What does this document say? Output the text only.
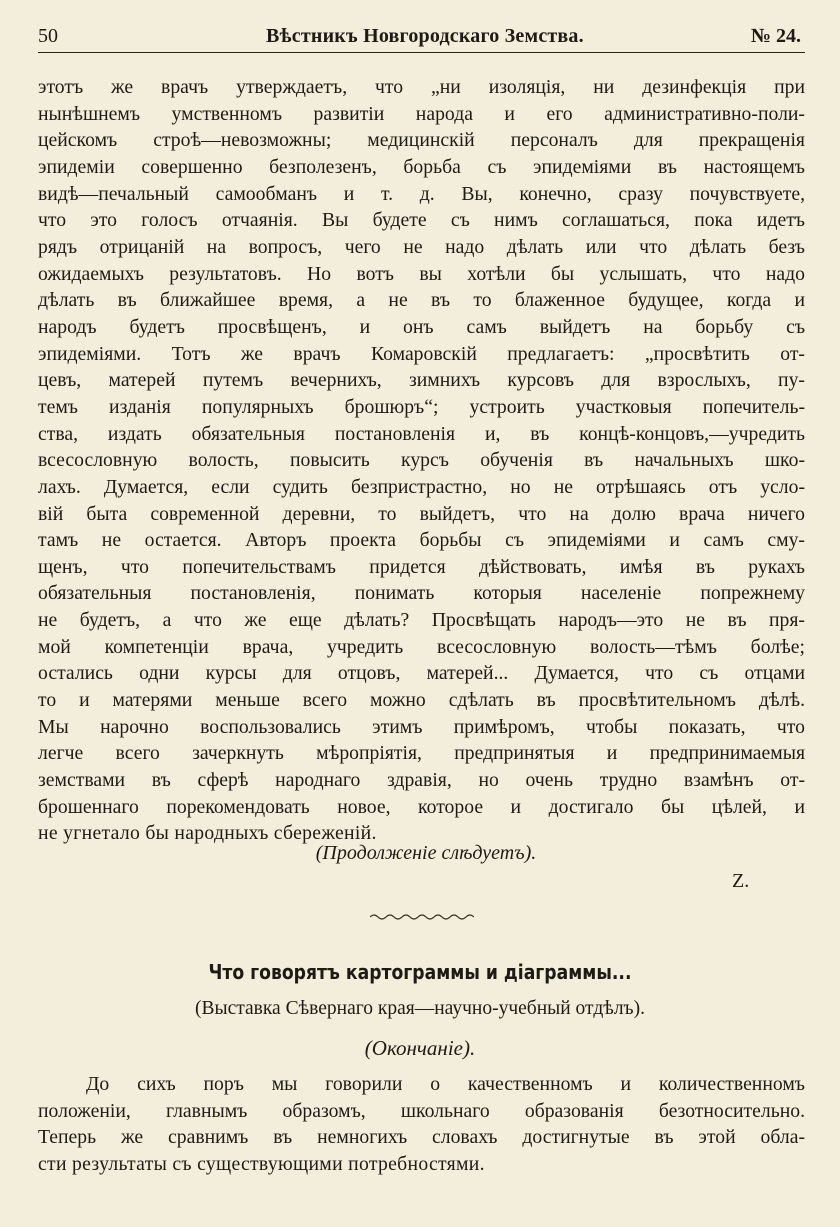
50	Вѣстникъ Новгородскаго Земства.	№ 24.
этотъ же врачъ утверждаетъ, что „ни изоляція, ни дезинфекція при
нынѣшнемъ умственномъ развитіи народа и его административно-поли-
цейскомъ строѣ—невозможны; медицинскій персоналъ для прекращенія
эпидеміи совершенно безполезенъ, борьба съ эпидеміями въ настоящемъ
видѣ—печальный самообманъ и т. д. Вы, конечно, сразу почувствуете,
что это голосъ отчаянія. Вы будете съ нимъ соглашаться, пока идетъ
рядъ отрицаній на вопросъ, чего не надо дѣлать или что дѣлать безъ
ожидаемыхъ результатовъ. Но вотъ вы хотѣли бы услышать, что надо
дѣлать въ ближайшее время, а не въ то блаженное будущее, когда и
народъ будетъ просвѣщенъ, и онъ самъ выйдетъ на борьбу съ
эпидеміями. Тотъ же врачъ Комаровскій предлагаетъ: „просвѣтить от-
цевъ, матерей путемъ вечернихъ, зимнихъ курсовъ для взрослыхъ, пу-
темъ изданія популярныхъ брошюръ“; устроить участковыя попечитель-
ства, издать обязательныя постановленія и, въ концѣ-концовъ,—учредить
всесословную волость, повысить курсъ обученія въ начальныхъ шко-
лахъ. Думается, если судить безпристрастно, но не отрѣшаясь отъ усло-
вій быта современной деревни, то выйдетъ, что на долю врача ничего
тамъ не остается. Авторъ проекта борьбы съ эпидеміями и самъ сму-
щенъ, что попечительствамъ придется дѣйствовать, имѣя въ рукахъ
обязательныя постановленія, понимать которыя населеніе попрежнему
не будетъ, а что же еще дѣлать? Просвѣщать народъ—это не въ пря-
мой компетенціи врача, учредить всесословную волость—тѣмъ болѣе;
остались одни курсы для отцовъ, матерей... Думается, что съ отцами
то и матерями меньше всего можно сдѣлать въ просвѣтительномъ дѣлѣ.
Мы нарочно воспользовались этимъ примѣромъ, чтобы показать, что
легче всего зачеркнуть мѣропріятія, предпринятыя и предпринимаемыя
земствами въ сферѣ народнаго здравія, но очень трудно взамѣнъ от-
брошеннаго порекомендовать новое, которое и достигало бы цѣлей, и
не угнетало бы народныхъ сбереженій.
(Продолженіе слѣдуетъ).
Z.
Что говорятъ картограммы и діаграммы...
(Выставка Сѣвернаго края—научно-учебный отдѣлъ).
(Окончаніе).
До сихъ поръ мы говорили о качественномъ и количественномъ
положеніи, главнымъ образомъ, школьнаго образованія безотносительно.
Теперь же сравнимъ въ немногихъ словахъ достигнутые въ этой обла-
сти результаты съ существующими потребностями.
